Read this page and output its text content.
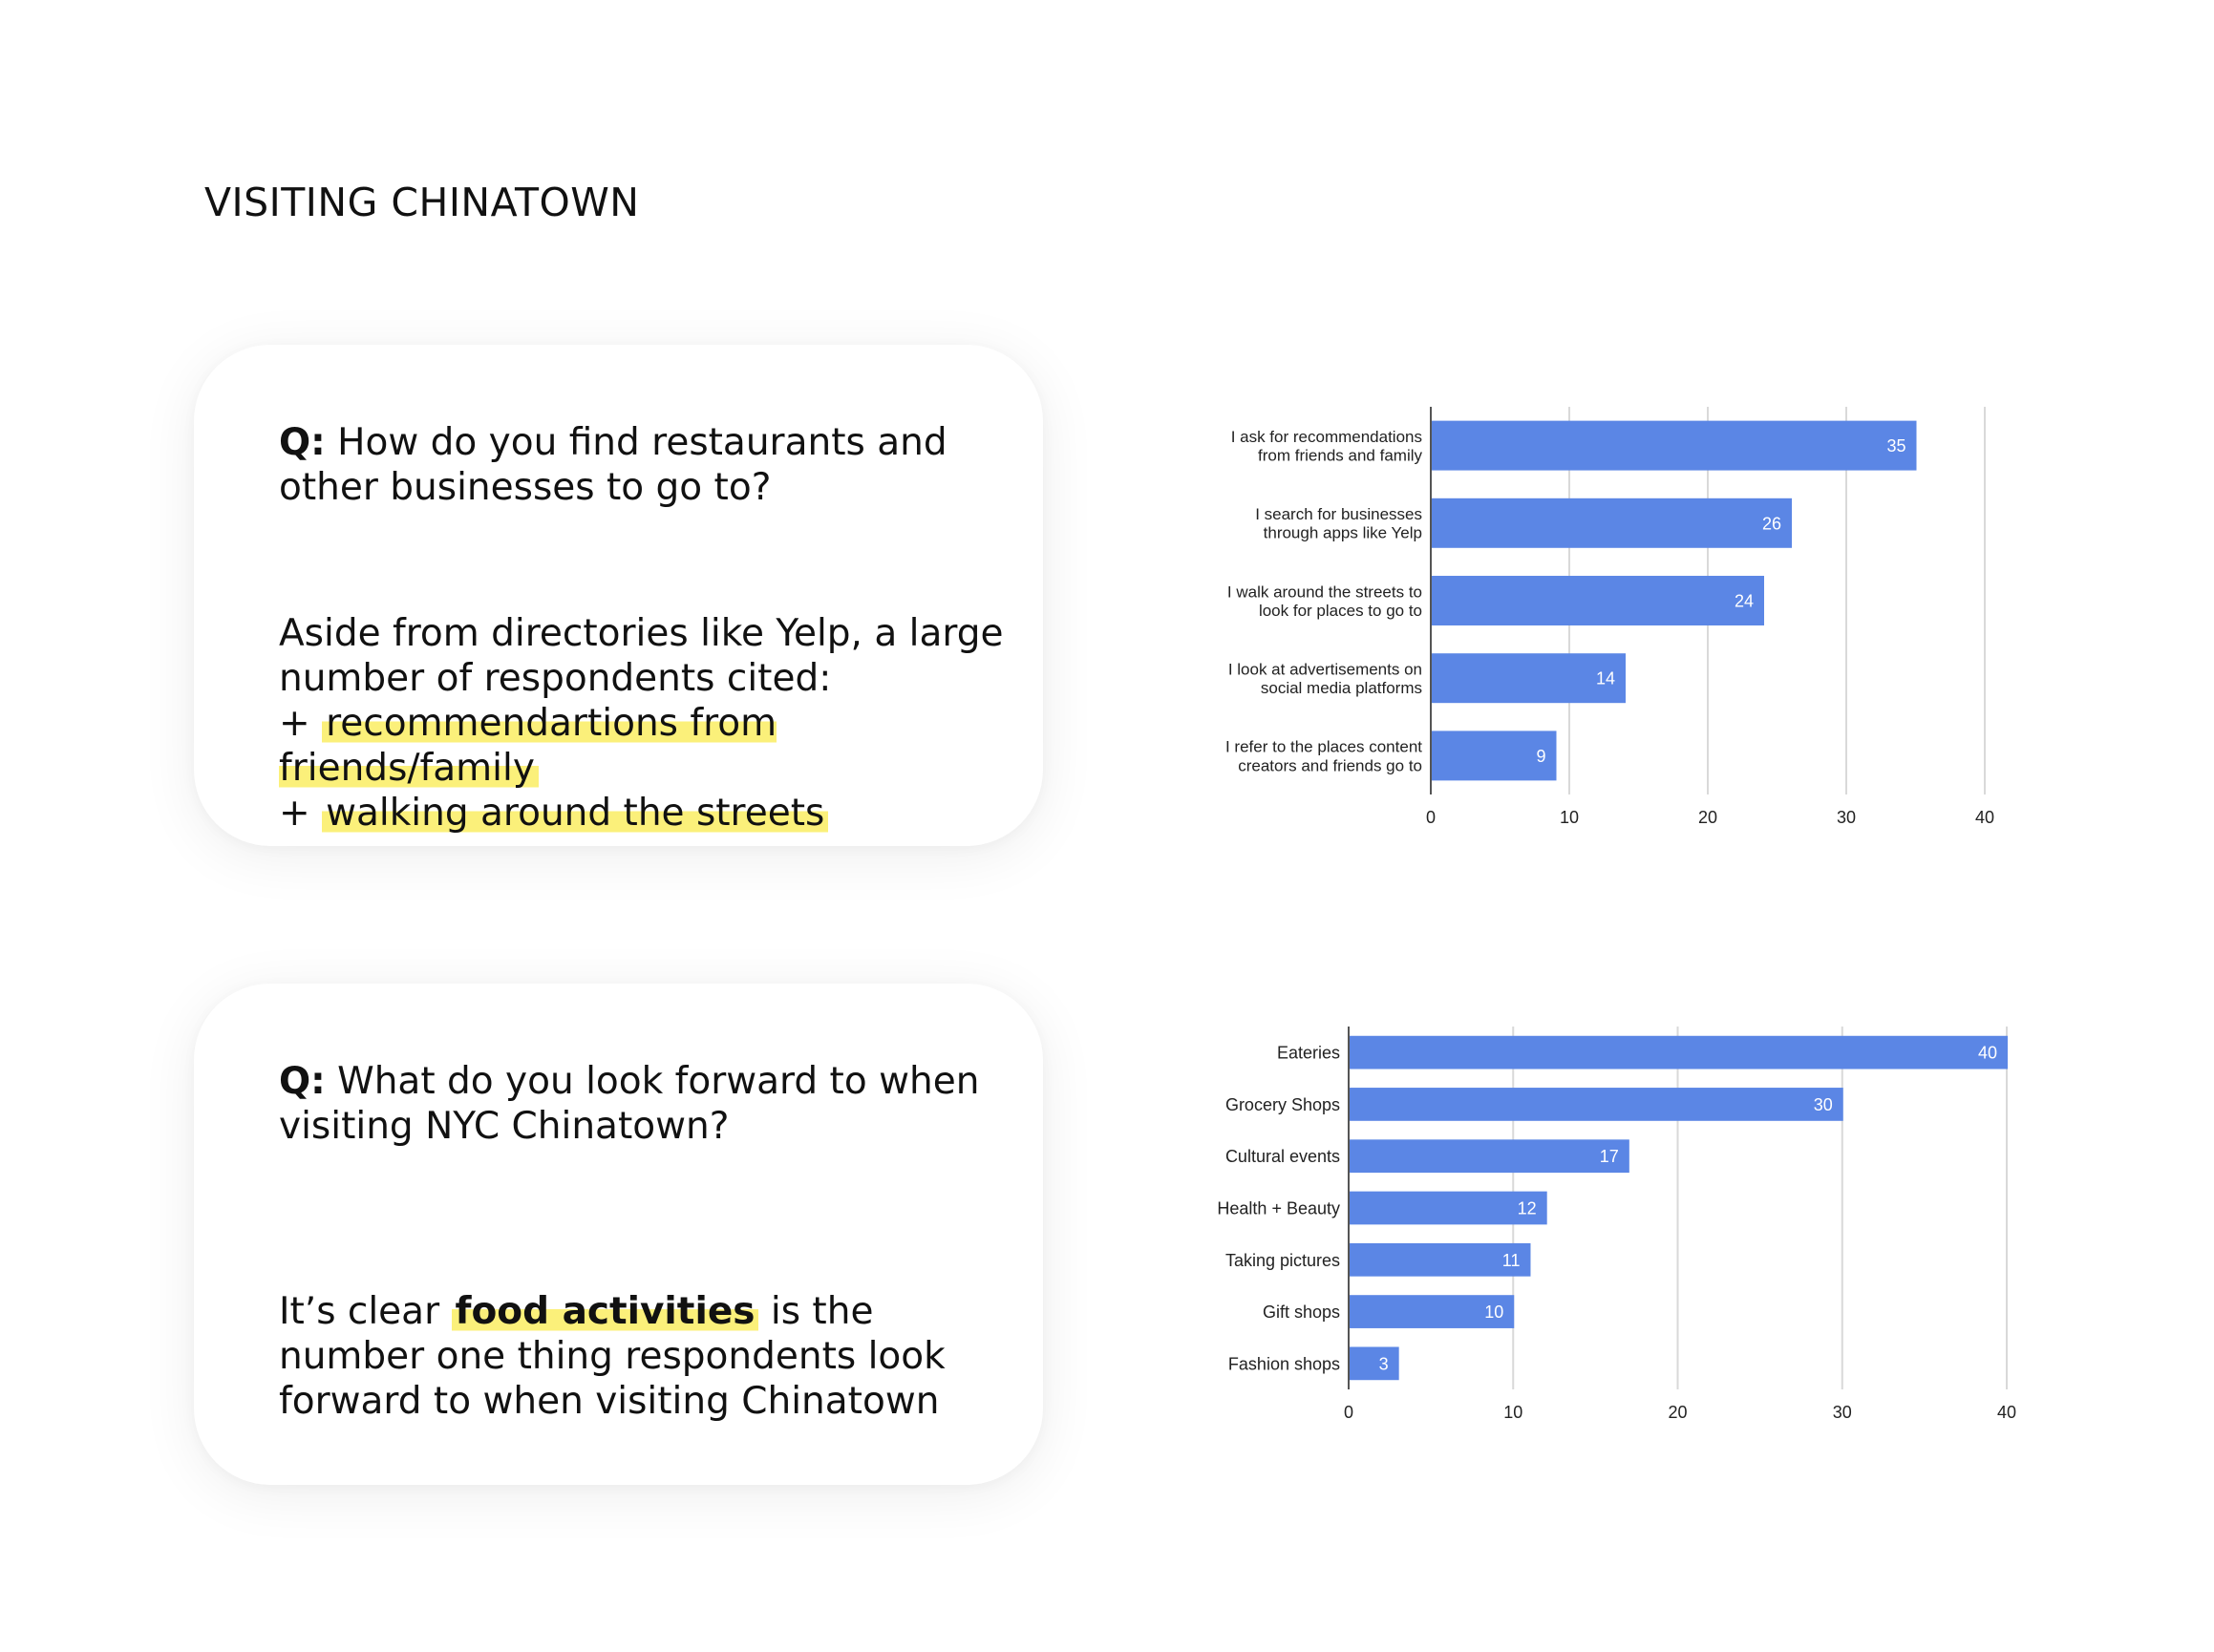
VISITING CHINATOWN
Q: How do you find restaurants and other businesses to go to?
Aside from directories like Yelp, a large number of respondents cited:
+ recommendartions from friends/family
+ walking around the streets
Q: What do you look forward to when visiting NYC Chinatown?
It’s clear food activities is the number one thing respondents look forward to when visiting Chinatown
0	10	20	30	40
35
I ask for recommendations from friends and family
26
I search for businesses through apps like Yelp
24
I walk around the streets to look for places to go to
14
I look at advertisements on social media platforms
9
I refer to the places content creators and friends go to
0	10	20	30	40
40
Eateries
30
Grocery Shops
17
Cultural events
12
Health + Beauty
11
Taking pictures
10
Gift shops
3
Fashion shops
